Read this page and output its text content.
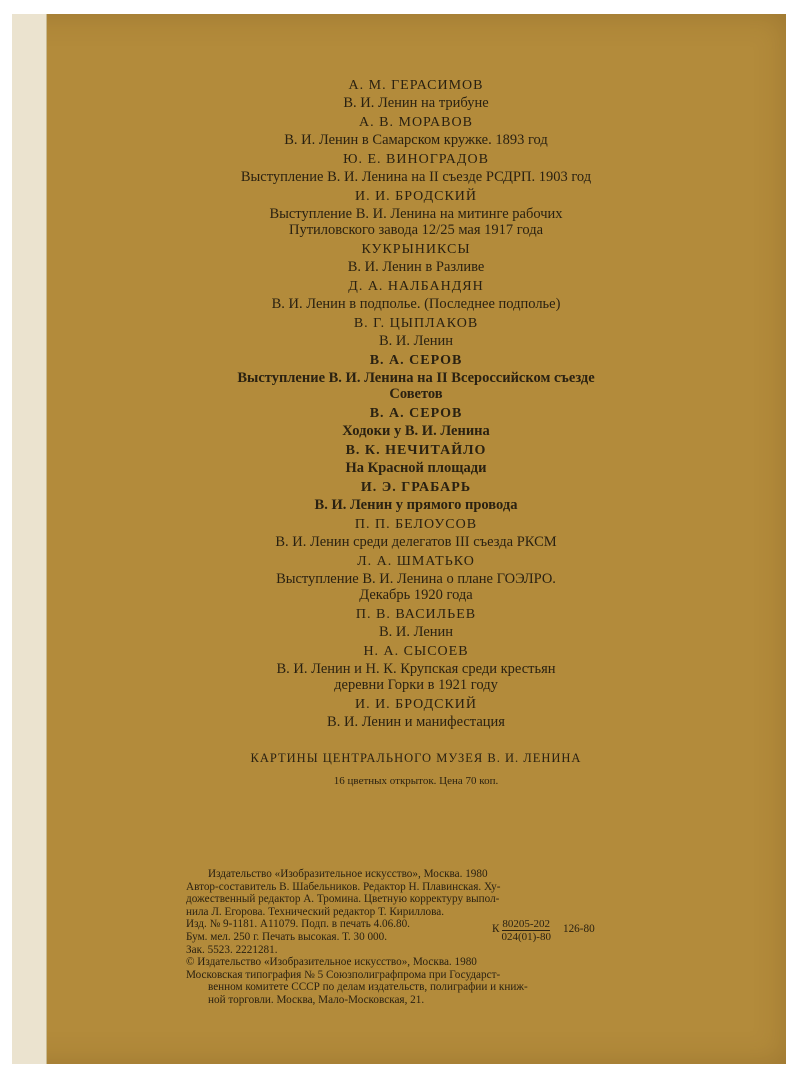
А. М. ГЕРАСИМОВ
В. И. Ленин на трибуне
А. В. МОРАВОВ
В. И. Ленин в Самарском кружке. 1893 год
Ю. Е. ВИНОГРАДОВ
Выступление В. И. Ленина на II съезде РСДРП. 1903 год
И. И. БРОДСКИЙ
Выступление В. И. Ленина на митинге рабочих
Путиловского завода 12/25 мая 1917 года
КУКРЫНИКСЫ
В. И. Ленин в Разливе
Д. А. НАЛБАНДЯН
В. И. Ленин в подполье. (Последнее подполье)
В. Г. ЦЫПЛАКОВ
В. И. Ленин
В. А. СЕРОВ
Выступление В. И. Ленина на II Всероссийском съезде
Советов
В. А. СЕРОВ
Ходоки у В. И. Ленина
В. К. НЕЧИТАЙЛО
На Красной площади
И. Э. ГРАБАРЬ
В. И. Ленин у прямого провода
П. П. БЕЛОУСОВ
В. И. Ленин среди делегатов III съезда РКСМ
Л. А. ШМАТЬКО
Выступление В. И. Ленина о плане ГОЭЛРО.
Декабрь 1920 года
П. В. ВАСИЛЬЕВ
В. И. Ленин
Н. А. СЫСОЕВ
В. И. Ленин и Н. К. Крупская среди крестьян
деревни Горки в 1921 году
И. И. БРОДСКИЙ
В. И. Ленин и манифестация
КАРТИНЫ ЦЕНТРАЛЬНОГО МУЗЕЯ В. И. ЛЕНИНА
16 цветных открыток. Цена 70 коп.

Издательство «Изобразительное искусство», Москва. 1980

Автор-составитель В. Шабельников. Редактор Н. Плавинская. Ху-

дожественный редактор А. Тромина. Цветную корректуру выпол-

нила Л. Егорова. Технический редактор Т. Кириллова.

Изд. № 9-1181. А11079. Подп. в печать 4.06.80.

Бум. мел. 250 г. Печать высокая. Т. 30 000.

Зак. 5523. 2221281.

К $\frac{80205-202}{024(01)-80} 126-80$

© Издательство «Изобразительное искусство», Москва. 1980

Московская типография № 5 Союзполиграфпрома при Государст-

венном комитете СССР по делам издательств, полиграфии и книж-

ной торговли. Москва, Мало-Московская, 21.
